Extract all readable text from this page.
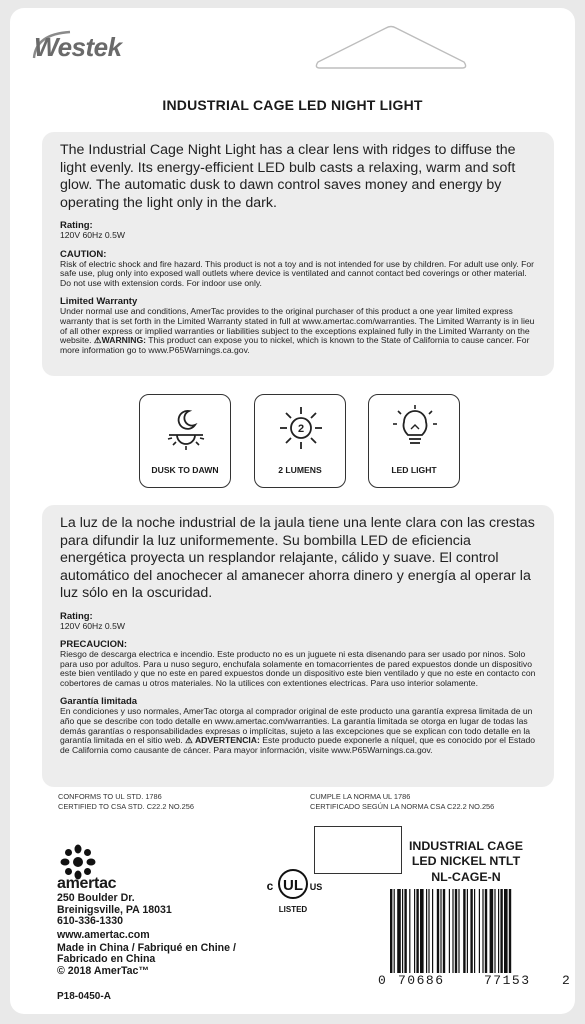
Westek
INDUSTRIAL CAGE LED NIGHT LIGHT
The Industrial Cage Night Light has a clear lens with ridges to diffuse the light evenly. Its energy-efficient LED bulb casts a relaxing, warm and soft glow. The automatic dusk to dawn control saves money and energy by operating the light only in the dark.
Rating:
120V 60Hz 0.5W
CAUTION:
Risk of electric shock and fire hazard. This product is not a toy and is not intended for use by children. For adult use only. For safe use, plug only into exposed wall outlets where device is ventilated and cannot contact bed coverings or other material. Do not use with extension cords. For indoor use only.
Limited Warranty
Under normal use and conditions, AmerTac provides to the original purchaser of this product a one year limited express warranty that is set forth in the Limited Warranty stated in full at www.amertac.com/warranties. The Limited Warranty is in lieu of all other express or implied warranties or liabilities subject to the exceptions explained fully in the Limited Warranty on the website. ⚠WARNING: This product can expose you to nickel, which is known to the State of California to cause cancer. For more information go to www.P65Warnings.ca.gov.
DUSK TO DAWN
2
2 LUMENS	LED LIGHT
La luz de la noche industrial de la jaula tiene una lente clara con las crestas para difundir la luz uniformemente. Su bombilla LED de eficiencia energética proyecta un resplandor relajante, cálido y suave. El control automático del anochecer al amanecer ahorra dinero y energía al operar la luz sólo en la oscuridad.
Rating:
120V 60Hz 0.5W
PRECAUCION:
Riesgo de descarga electrica e incendio. Este producto no es un juguete ni esta disenando para ser usado por ninos. Solo para uso por adultos. Para u nuso seguro, enchufala solamente en tomacorrientes de pared expuestos donde un dispositivo este bien ventilado y que no este en pared expuestos donde un dispositivo este bien ventilado y que no este en contacto con cobertores de camas u otros materiales. No la utilices con extentiones electricas. Para uso interior solamente.
Garantía limitada
En condiciones y uso normales, AmerTac otorga al comprador original de este producto una garantía expresa limitada de un año que se describe con todo detalle en www.amertac.com/warranties. La garantía limitada se otorga en lugar de todas las demás garantías o responsabilidades expresas o implícitas, sujeto a las excepciones que se explican con todo detalle en la garantía limitada en el sitio web. ⚠ ADVERTENCIA: Este producto puede exponerle a níquel, que es conocido por el Estado de California como causante de cáncer. Para mayor información, visite www.P65Warnings.ca.gov.
CONFORMS TO UL STD. 1786
CERTIFIED TO CSA STD. C22.2 NO.256
CUMPLE LA NORMA UL 1786
CERTIFICADO SEGÚN LA NORMA CSA C22.2 NO.256
amertac
250 Boulder Dr.
Breinigsville, PA 18031
610-336-1330
www.amertac.com
Made in China / Fabriqué en Chine /
Fabricado en China
© 2018 AmerTac™
P18-0450-A
UL
c	US
LISTED
INDUSTRIAL CAGE
LED NICKEL NTLT
NL-CAGE-N
0 70686	77153 2
